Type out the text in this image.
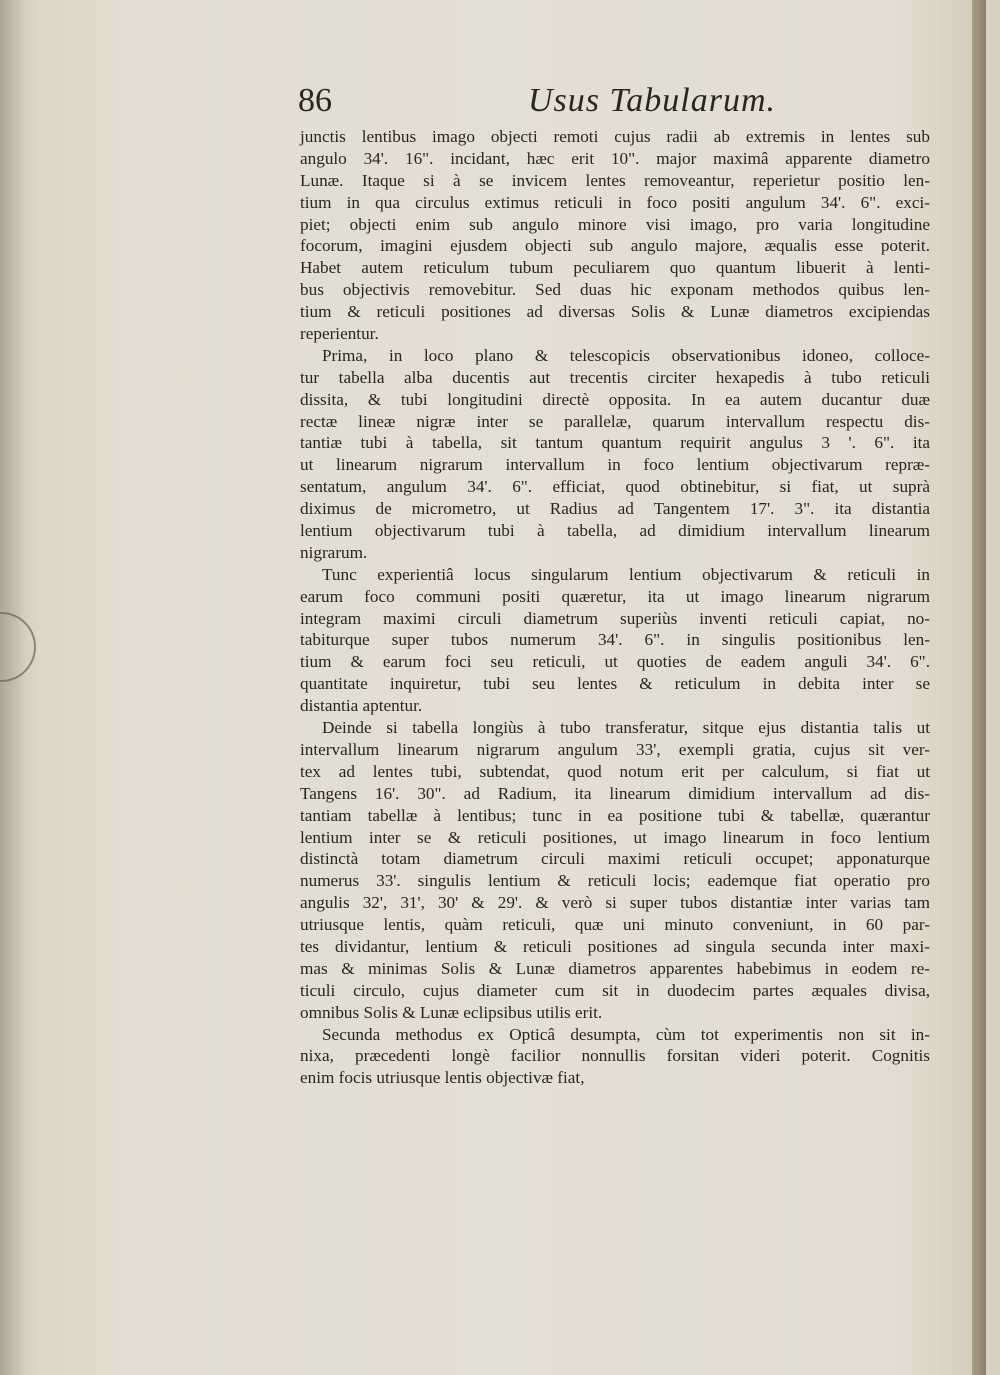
86	Usus Tabularum.
junctis lentibus imago objecti remoti cujus radii ab extremis in lentes sub
angulo 34'. 16". incidant, hæc erit 10". major maximâ apparente diametro
Lunæ. Itaque si à se invicem lentes removeantur, reperietur positio len-
tium in qua circulus extimus reticuli in foco positi angulum 34'. 6". exci-
piet; objecti enim sub angulo minore visi imago, pro varia longitudine
focorum, imagini ejusdem objecti sub angulo majore, æqualis esse poterit.
Habet autem reticulum tubum peculiarem quo quantum libuerit à lenti-
bus objectivis removebitur. Sed duas hic exponam methodos quibus len-
tium & reticuli positiones ad diversas Solis & Lunæ diametros excipiendas
reperientur.
Prima, in loco plano & telescopicis observationibus idoneo, colloce-
tur tabella alba ducentis aut trecentis circiter hexapedis à tubo reticuli
dissita, & tubi longitudini directè opposita. In ea autem ducantur duæ
rectæ lineæ nigræ inter se parallelæ, quarum intervallum respectu dis-
tantiæ tubi à tabella, sit tantum quantum requirit angulus 3 '. 6". ita
ut linearum nigrarum intervallum in foco lentium objectivarum repræ-
sentatum, angulum 34'. 6". efficiat, quod obtinebitur, si fiat, ut suprà
diximus de micrometro, ut Radius ad Tangentem 17'. 3". ita distantia
lentium objectivarum tubi à tabella, ad dimidium intervallum linearum
nigrarum.
Tunc experientiâ locus singularum lentium objectivarum & reticuli in
earum foco communi positi quæretur, ita ut imago linearum nigrarum
integram maximi circuli diametrum superiùs inventi reticuli capiat, no-
tabiturque super tubos numerum 34'. 6". in singulis positionibus len-
tium & earum foci seu reticuli, ut quoties de eadem anguli 34'. 6".
quantitate inquiretur, tubi seu lentes & reticulum in debita inter se
distantia aptentur.
Deinde si tabella longiùs à tubo transferatur, sitque ejus distantia talis ut
intervallum linearum nigrarum angulum 33', exempli gratia, cujus sit ver-
tex ad lentes tubi, subtendat, quod notum erit per calculum, si fiat ut
Tangens 16'. 30". ad Radium, ita linearum dimidium intervallum ad dis-
tantiam tabellæ à lentibus; tunc in ea positione tubi & tabellæ, quærantur
lentium inter se & reticuli positiones, ut imago linearum in foco lentium
distinctà totam diametrum circuli maximi reticuli occupet; apponaturque
numerus 33'. singulis lentium & reticuli locis; eademque fiat operatio pro
angulis 32', 31', 30' & 29'. & verò si super tubos distantiæ inter varias tam
utriusque lentis, quàm reticuli, quæ uni minuto conveniunt, in 60 par-
tes dividantur, lentium & reticuli positiones ad singula secunda inter maxi-
mas & minimas Solis & Lunæ diametros apparentes habebimus in eodem re-
ticuli circulo, cujus diameter cum sit in duodecim partes æquales divisa,
omnibus Solis & Lunæ eclipsibus utilis erit.
Secunda methodus ex Opticâ desumpta, cùm tot experimentis non sit in-
nixa, præcedenti longè facilior nonnullis forsitan videri poterit. Cognitis
enim focis utriusque lentis objectivæ fiat,
